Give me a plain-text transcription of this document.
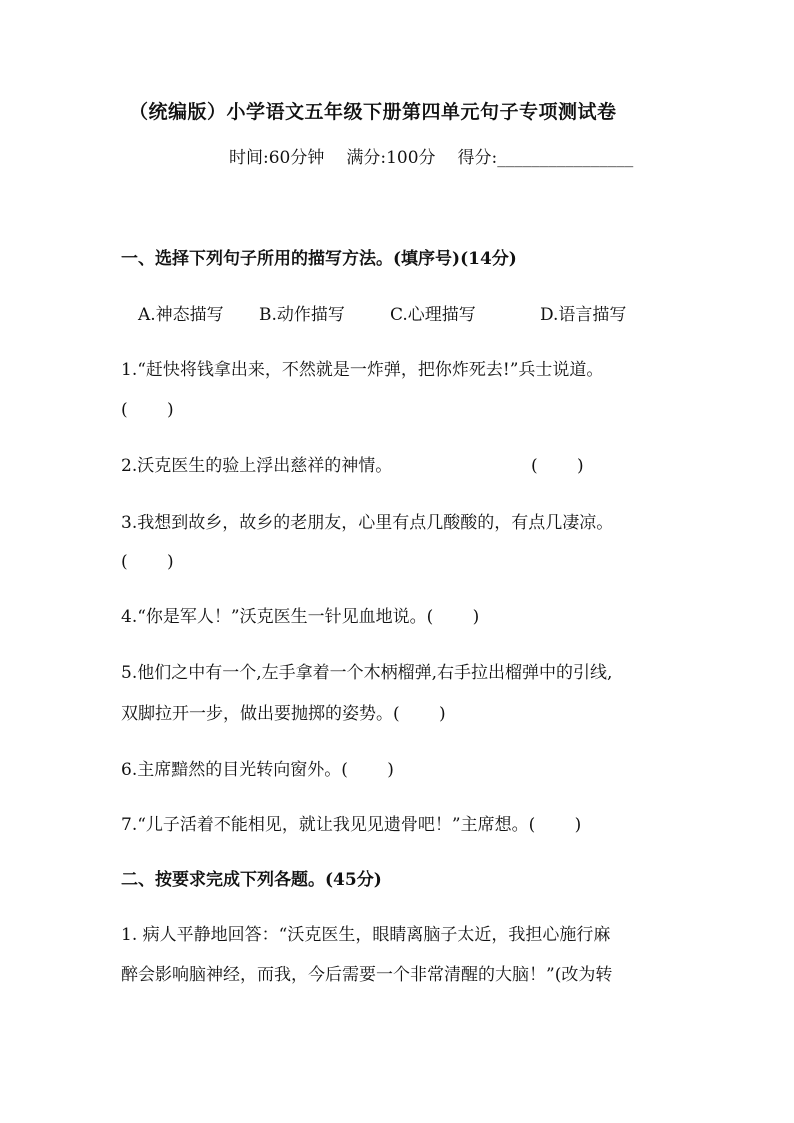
（统编版）小学语文五年级下册第四单元句子专项测试卷
时间:60分钟 满分:100分 得分:________________
一、选择下列句子所用的描写方法。(填序号)(14分)
A.神态描写 B.动作描写	C.心理描写	D.语言描写
1.“赶快将钱拿出来，不然就是一炸弹，把你炸死去!”兵士说道。
(　　 )
2.沃克医生的验上浮出慈祥的神情。	(　　 )
3.我想到故乡，故乡的老朋友，心里有点几酸酸的，有点几凄凉。
(　　 )
4.“你是军人！”沃克医生一针见血地说。(　　 )
5.他们之中有一个,左手拿着一个木柄榴弹,右手拉出榴弹中的引线,
双脚拉开一步，做出要抛掷的姿势。(　　 )
6.主席黯然的目光转向窗外。(　　 )
7.“儿子活着不能相见，就让我见见遗骨吧！”主席想。(　　 )
二、按要求完成下列各题。(45分)
1. 病人平静地回答：“沃克医生，眼睛离脑子太近，我担心施行麻
醉会影响脑神经，而我，今后需要一个非常清醒的大脑！”(改为转
